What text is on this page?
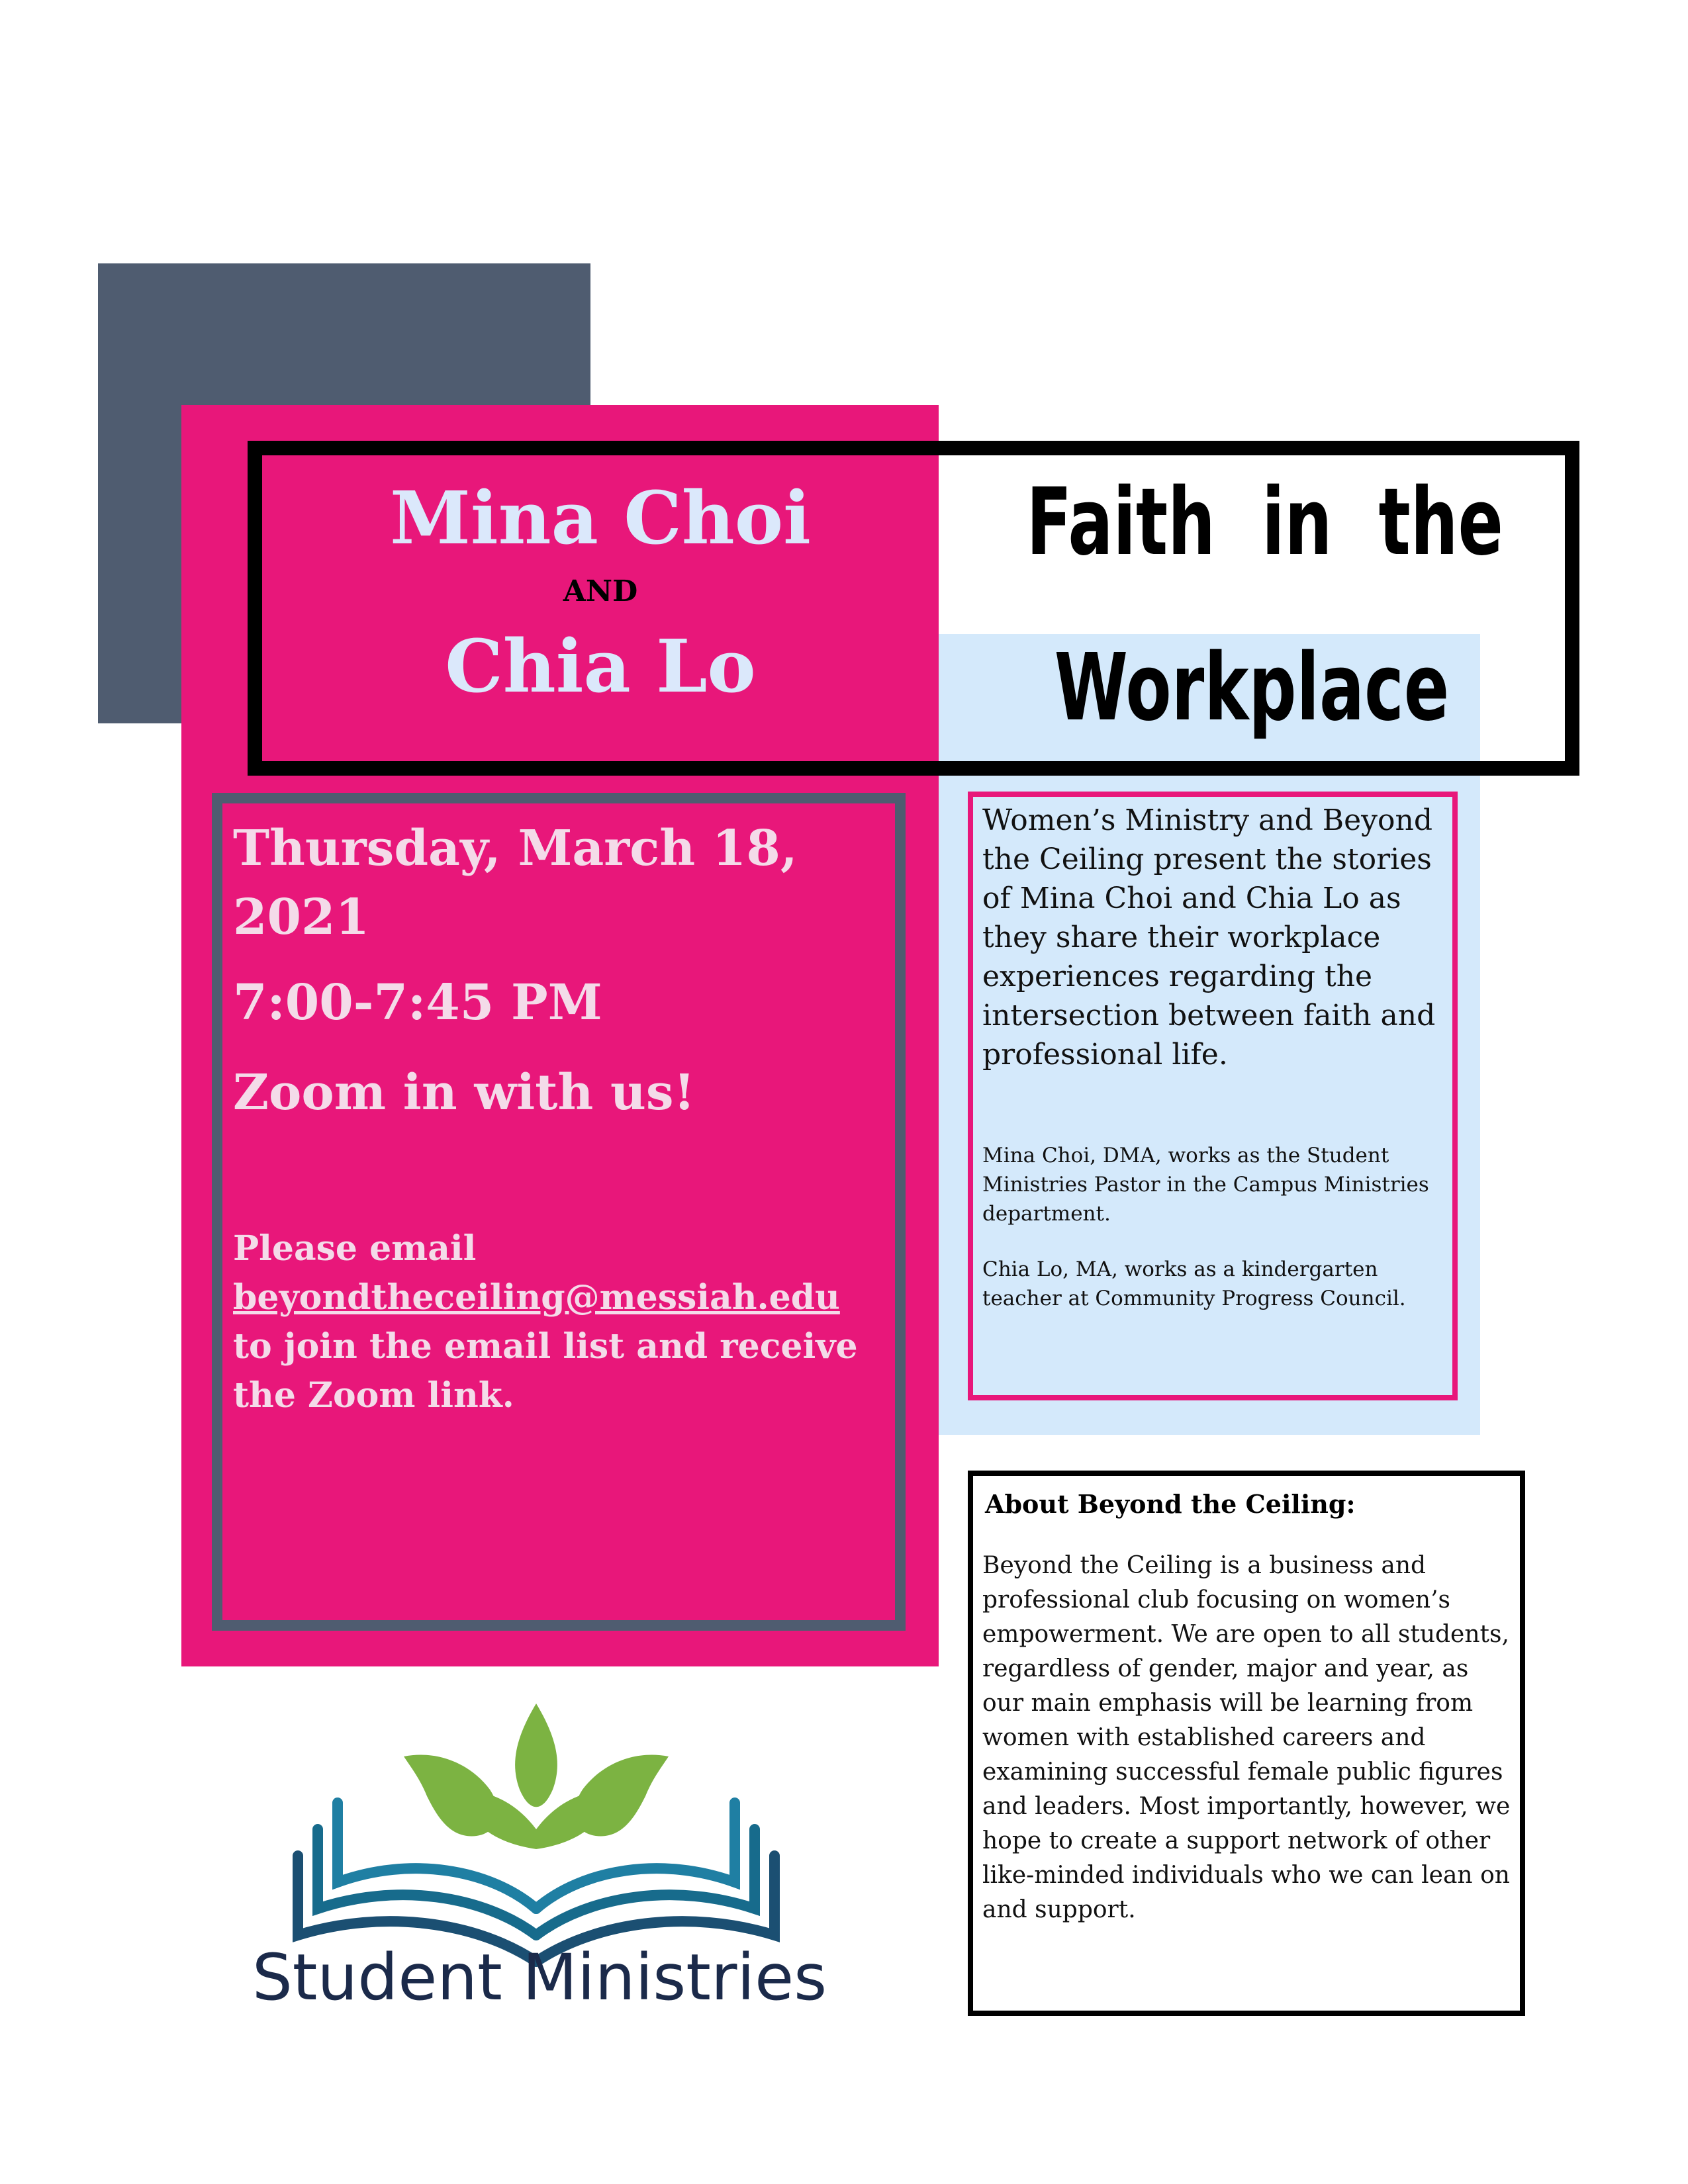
Mina Choi
AND
Chia Lo
Faith  in  the
Workplace
Thursday, March 18, 2021
7:00-7:45 PM
Zoom in with us!
Please email
beyondtheceiling@messiah.edu
to join the email list and receive the Zoom link.
Women’s Ministry and Beyond the Ceiling present the stories of Mina Choi and Chia Lo as they share their workplace experiences regarding the intersection between faith and professional life.
Mina Choi, DMA, works as the Student Ministries Pastor in the Campus Ministries department.
Chia Lo, MA, works as a kindergarten teacher at Community Progress Council.
About Beyond the Ceiling:
Beyond the Ceiling is a business and professional club focusing on women’s empowerment. We are open to all students, regardless of gender, major and year, as our main emphasis will be learning from women with established careers and examining successful female public figures and leaders. Most importantly, however, we hope to create a support network of other like-minded individuals who we can lean on and support.
Student Ministries
